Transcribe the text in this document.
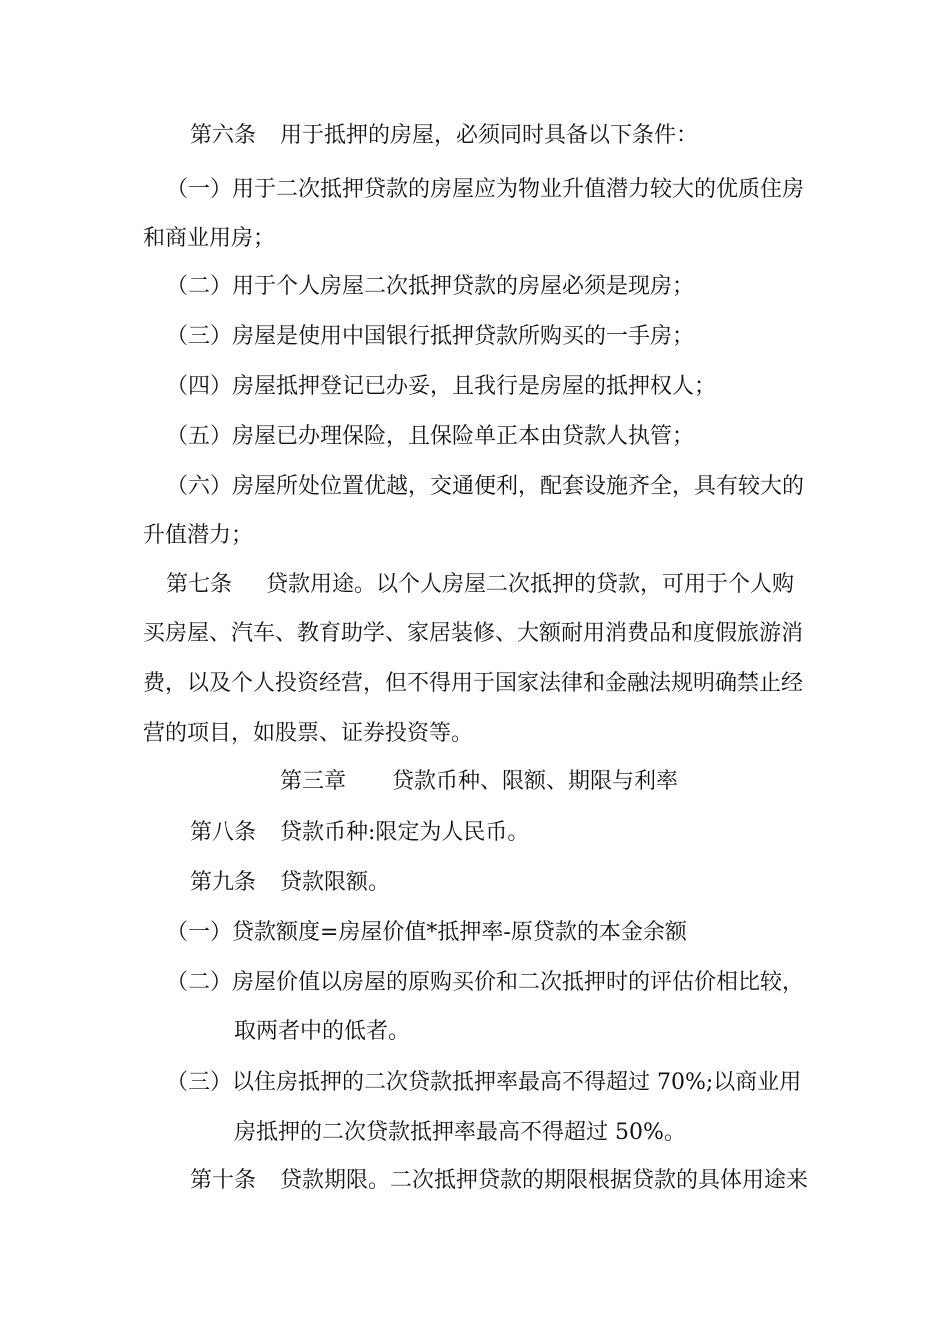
第六条 用于抵押的房屋，必须同时具备以下条件：
（一）用于二次抵押贷款的房屋应为物业升值潜力较大的优质住房
和商业用房；
（二）用于个人房屋二次抵押贷款的房屋必须是现房；
（三）房屋是使用中国银行抵押贷款所购买的一手房；
（四）房屋抵押登记已办妥，且我行是房屋的抵押权人；
（五）房屋已办理保险，且保险单正本由贷款人执管；
（六）房屋所处位置优越，交通便利，配套设施齐全，具有较大的
升值潜力；
第七条 贷款用途。以个人房屋二次抵押的贷款，可用于个人购
买房屋、汽车、教育助学、家居装修、大额耐用消费品和度假旅游消
费，以及个人投资经营，但不得用于国家法律和金融法规明确禁止经
营的项目，如股票、证券投资等。
第三章 贷款币种、限额、期限与利率
第八条 贷款币种:限定为人民币。
第九条 贷款限额。
（一）贷款额度=房屋价值*抵押率-原贷款的本金余额
（二）房屋价值以房屋的原购买价和二次抵押时的评估价相比较，
取两者中的低者。
（三）以住房抵押的二次贷款抵押率最高不得超过 70%;以商业用
房抵押的二次贷款抵押率最高不得超过 50%。
第十条 贷款期限。二次抵押贷款的期限根据贷款的具体用途来
